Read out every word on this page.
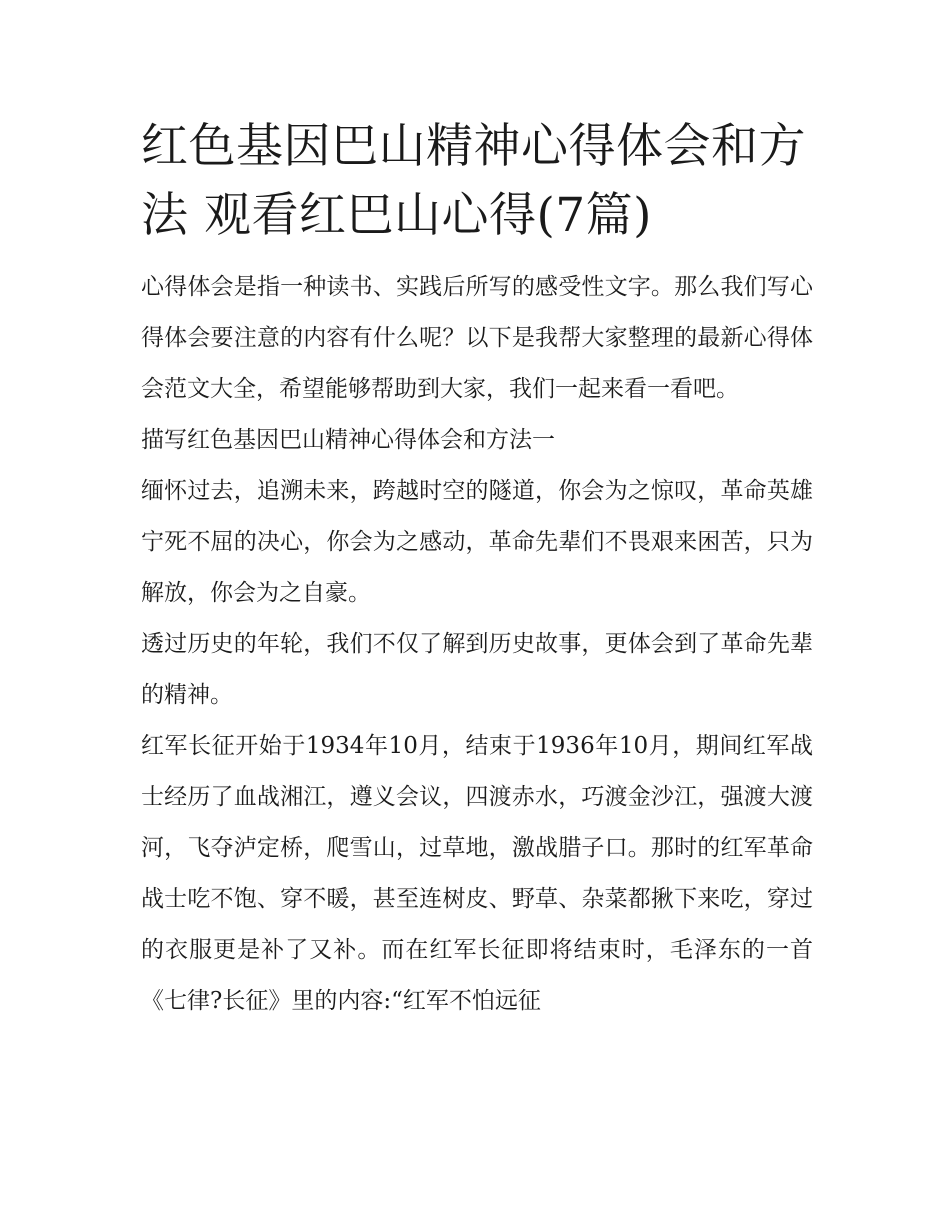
红色基因巴山精神心得体会和方法 观看红巴山心得(7篇)

心得体会是指一种读书、实践后所写的感受性文字。那么我们写心得体会要注意的内容有什么呢？以下是我帮大家整理的最新心得体会范文大全，希望能够帮助到大家，我们一起来看一看吧。

描写红色基因巴山精神心得体会和方法一

缅怀过去，追溯未来，跨越时空的隧道，你会为之惊叹，革命英雄宁死不屈的决心，你会为之感动，革命先辈们不畏艰来困苦，只为解放，你会为之自豪。

透过历史的年轮，我们不仅了解到历史故事，更体会到了革命先辈的精神。

红军长征开始于1934年10月，结束于1936年10月，期间红军战士经历了血战湘江，遵义会议，四渡赤水，巧渡金沙江，强渡大渡河，飞夺泸定桥，爬雪山，过草地，激战腊子口。那时的红军革命战士吃不饱、穿不暖，甚至连树皮、野草、杂菜都揪下来吃，穿过的衣服更是补了又补。而在红军长征即将结束时，毛泽东的一首《七律?长征》里的内容:“红军不怕远征
